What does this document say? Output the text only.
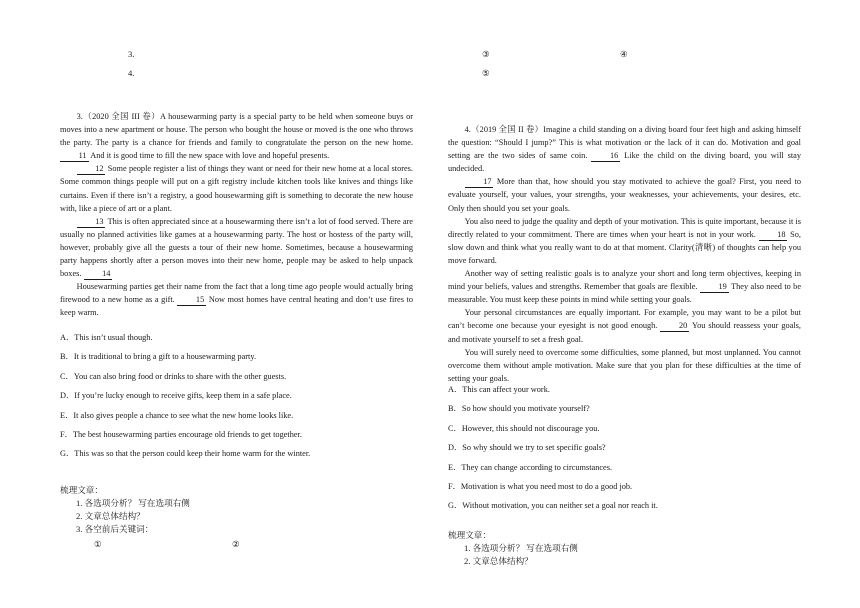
3.
4.
③	④
⑤

3.（2020 全国 III 卷）A housewarming party is a special party to be held when someone buys or moves into a new apartment or house. The person who bought the house or moved is the one who throws the party. The party is a chance for friends and family to congratulate the person on the new home. 11 And it is good time to fill the new space with love and hopeful presents.

12 Some people register a list of things they want or need for their new home at a local stores. Some common things people will put on a gift registry include kitchen tools like knives and things like curtains. Even if there isn’t a registry, a good housewarming gift is something to decorate the new house with, like a piece of art or a plant.

13 This is often appreciated since at a housewarming there isn’t a lot of food served. There are usually no planned activities like games at a housewarming party. The host or hostess of the party will, however, probably give all the guests a tour of their new home. Sometimes, because a housewarming party happens shortly after a person moves into their new home, people may be asked to help unpack boxes. 14

Housewarming parties get their name from the fact that a long time ago people would actually bring firewood to a new home as a gift.	15 Now most homes have central heating and don’t use fires to keep warm.

A．This isn’t usual though.

B．It is traditional to bring a gift to a housewarming party.

C．You can also bring food or drinks to share with the other guests.

D．If you’re lucky enough to receive gifts, keep them in a safe place.

E．It also gives people a chance to see what the new home looks like.

F．The best housewarming parties encourage old friends to get together.

G．This was so that the person could keep their home warm for the winter.

梳理文章：
1. 各选项分析？ 写在选项右侧
2. 文章总体结构？
3. 各空前后关键词：
①	②

4.（2019 全国 II 卷）Imagine a child standing on a diving board four feet high and asking himself the question: “Should I jump?” This is what motivation or the lack of it can do. Motivation and goal setting are the two sides of same coin.	16 Like the child on the diving board, you will stay undecided.

17 More than that, how should you stay motivated to achieve the goal? First, you need to evaluate yourself, your values, your strengths, your weaknesses, your achievements, your desires, etc. Only then should you set your goals.

You also need to judge the quality and depth of your motivation. This is quite important, because it is directly related to your commitment. There are times when your heart is not in your work.	18 So, slow down and think what you really want to do at that moment. Clarity(清晰) of thoughts can help you move forward.

Another way of setting realistic goals is to analyze your short and long term objectives, keeping in mind your beliefs, values and strengths. Remember that goals are flexible.	19 They also need to be measurable. You must keep these points in mind while setting your goals.

Your personal circumstances are equally important. For example, you may want to be a pilot but can’t become one because your eyesight is not good enough.	20 You should reassess your goals, and motivate yourself to set a fresh goal.

You will surely need to overcome some difficulties, some planned, but most unplanned. You cannot overcome them without ample motivation. Make sure that you plan for these difficulties at the time of setting your goals.

A．This can affect your work.

B．So how should you motivate yourself?

C．However, this should not discourage you.

D．So why should we try to set specific goals?

E．They can change according to circumstances.

F．Motivation is what you need most to do a good job.

G．Without motivation, you can neither set a goal nor reach it.

梳理文章：
1. 各选项分析？ 写在选项右侧
2. 文章总体结构？
